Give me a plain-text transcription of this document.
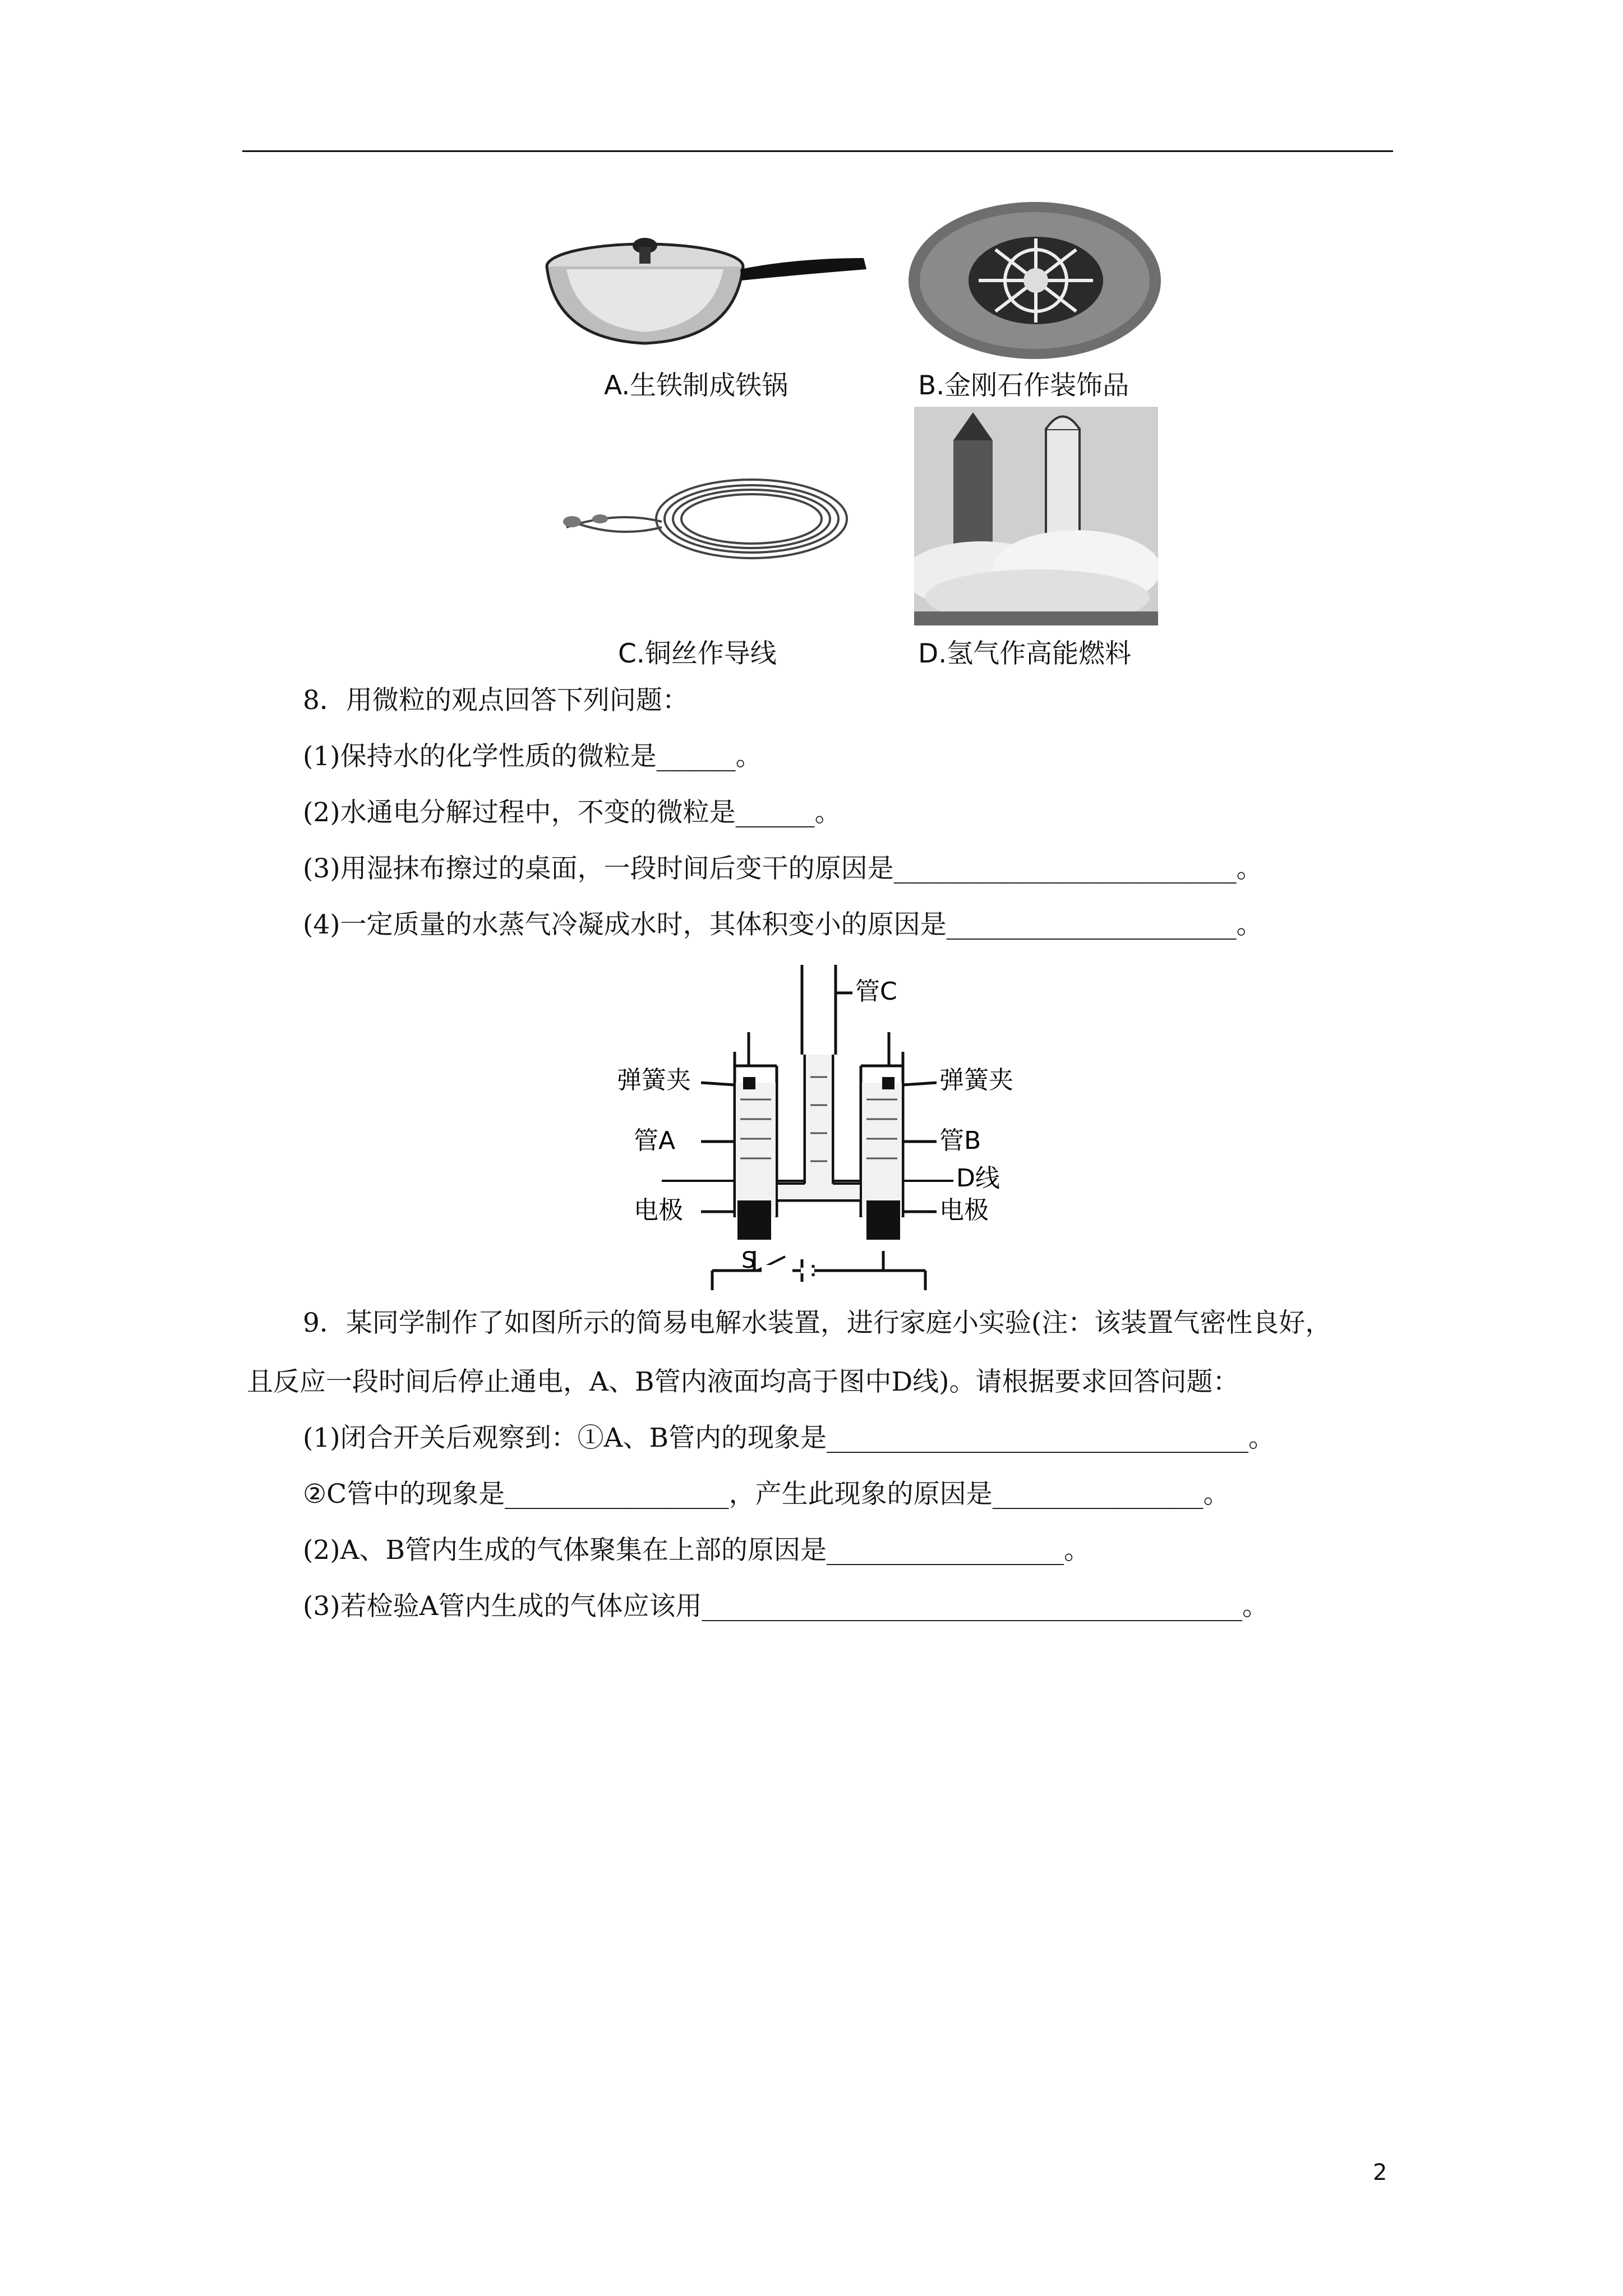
A.生铁制成铁锅	B.金刚石作装饰品
C.铜丝作导线	D.氢气作高能燃料
8．用微粒的观点回答下列问题：
(1)保持水的化学性质的微粒是______。
(2)水通电分解过程中，不变的微粒是______。
(3)用湿抹布擦过的桌面，一段时间后变干的原因是__________________________。
(4)一定质量的水蒸气冷凝成水时，其体积变小的原因是______________________。
管C
弹簧夹	弹簧夹
管A	管B
D线
电极	电极
S
9．某同学制作了如图所示的简易电解水装置，进行家庭小实验(注：该装置气密性良好，
且反应一段时间后停止通电，A、B管内液面均高于图中D线)。请根据要求回答问题：
(1)闭合开关后观察到：①A、B管内的现象是________________________________。
②C管中的现象是_________________，产生此现象的原因是________________。
(2)A、B管内生成的气体聚集在上部的原因是__________________。
(3)若检验A管内生成的气体应该用_________________________________________。
2
